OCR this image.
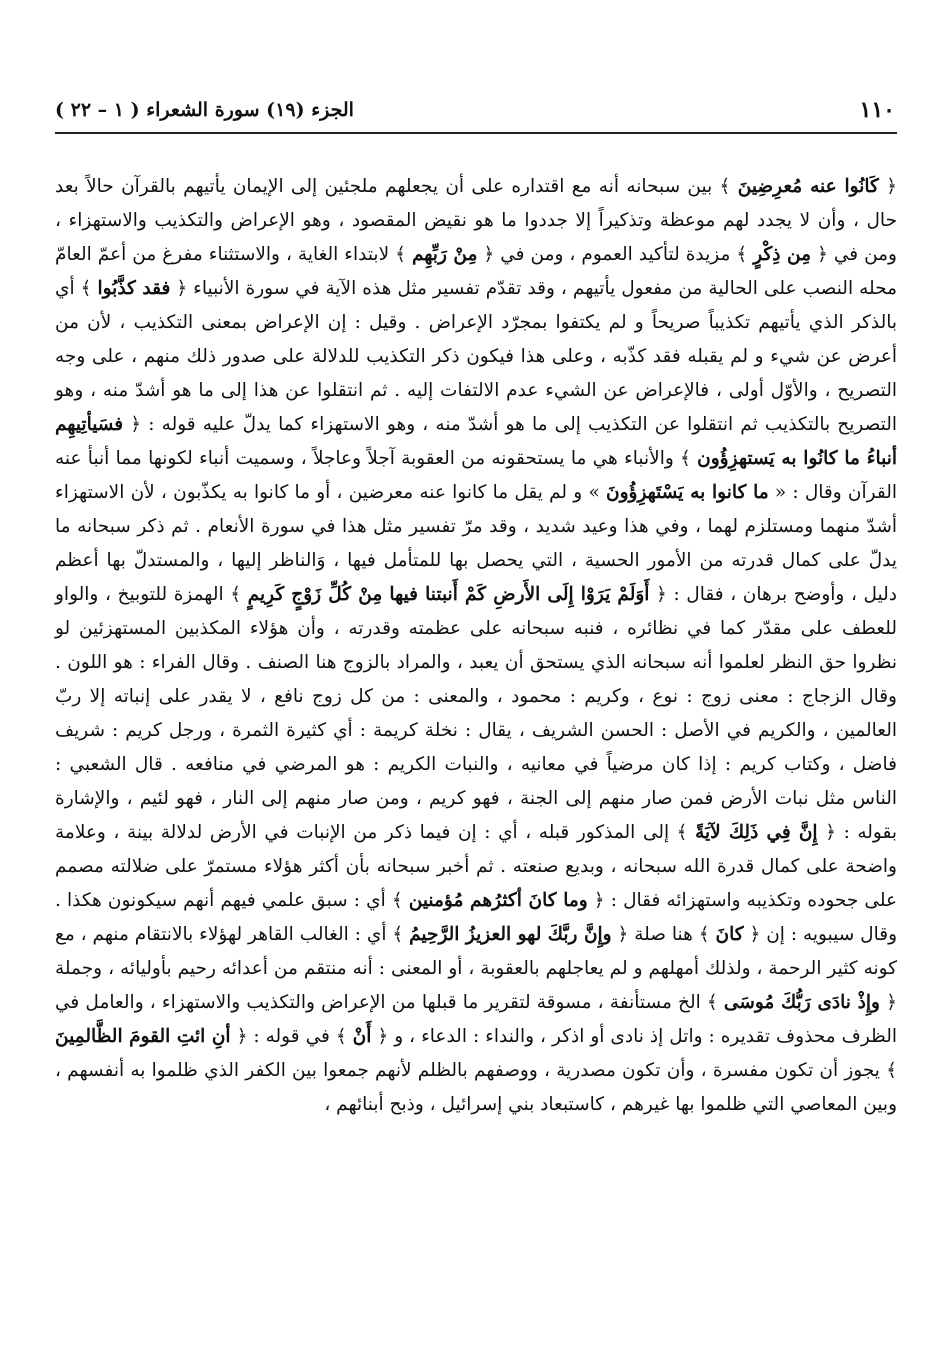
١١٠
الجزء (١٩) سورة الشعراء ( ١ – ٢٢ )

﴿ كَانُوا عنه مُعرِضِينَ ﴾ بين سبحانه أنه مع اقتداره على أن يجعلهم ملجئين إلى الإيمان يأتيهم بالقرآن حالاً بعد حال ، وأن لا يجدد لهم موعظة وتذكيراً إلا جددوا ما هو نقيض المقصود ، وهو الإعراض والتكذيب والاستهزاء ، ومن في ﴿ مِن ذِكْرٍ ﴾ مزيدة لتأكيد العموم ، ومن في ﴿ مِنْ رَبِّهِم ﴾ لابتداء الغاية ، والاستثناء مفرغ من أعمّ العامّ محله النصب على الحالية من مفعول يأتيهم ، وقد تقدّم تفسير مثل هذه الآية في سورة الأنبياء ﴿ فقد كذَّبُوا ﴾ أي بالذكر الذي يأتيهم تكذيباً صريحاً و لم يكتفوا بمجرّد الإعراض . وقيل : إن الإعراض بمعنى التكذيب ، لأن من أعرض عن شيء و لم يقبله فقد كذّبه ، وعلى هذا فيكون ذكر التكذيب للدلالة على صدور ذلك منهم ، على وجه التصريح ، والأوّل أولى ، فالإعراض عن الشيء عدم الالتفات إليه . ثم انتقلوا عن هذا إلى ما هو أشدّ منه ، وهو التصريح بالتكذيب ثم انتقلوا عن التكذيب إلى ما هو أشدّ منه ، وهو الاستهزاء كما يدلّ عليه قوله : ﴿ فسَيأتِيهِم أنباءُ ما كانُوا به يَستهزِؤُون ﴾ والأنباء هي ما يستحقونه من العقوبة آجلاً وعاجلاً ، وسميت أنباء لكونها مما أنبأ عنه القرآن وقال : « ما كانوا به يَسْتَهزِؤُونَ » و لم يقل ما كانوا عنه معرضين ، أو ما كانوا به يكذّبون ، لأن الاستهزاء أشدّ منهما ومستلزم لهما ، وفي هذا وعيد شديد ، وقد مرّ تفسير مثل هذا في سورة الأنعام . ثم ذكر سبحانه ما يدلّ على كمال قدرته من الأمور الحسية ، التي يحصل بها للمتأمل فيها ، وَالناظر إليها ، والمستدلّ بها أعظم دليل ، وأوضح برهان ، فقال : ﴿ أَوَلَمْ يَرَوْا إِلَى الأَرضِ كَمْ أَنبتنا فيها مِنْ كُلِّ زَوْجٍ كَرِيمٍ ﴾ الهمزة للتوبيخ ، والواو للعطف على مقدّر كما في نظائره ، فنبه سبحانه على عظمته وقدرته ، وأن هؤلاء المكذبين المستهزئين لو نظروا حق النظر لعلموا أنه سبحانه الذي يستحق أن يعبد ، والمراد بالزوج هنا الصنف . وقال الفراء : هو اللون . وقال الزجاج : معنى زوج : نوع ، وكريم : محمود ، والمعنى : من كل زوج نافع ، لا يقدر على إنباته إلا ربّ العالمين ، والكريم في الأصل : الحسن الشريف ، يقال : نخلة كريمة : أي كثيرة الثمرة ، ورجل كريم : شريف فاضل ، وكتاب كريم : إذا كان مرضياً في معانيه ، والنبات الكريم : هو المرضي في منافعه . قال الشعبي : الناس مثل نبات الأرض فمن صار منهم إلى الجنة ، فهو كريم ، ومن صار منهم إلى النار ، فهو لئيم ، والإشارة بقوله : ﴿ إِنَّ فِي ذَلِكَ لآيَةً ﴾ إلى المذكور قبله ، أي : إن فيما ذكر من الإنبات في الأرض لدلالة بينة ، وعلامة واضحة على كمال قدرة الله سبحانه ، وبديع صنعته . ثم أخبر سبحانه بأن أكثر هؤلاء مستمرّ على ضلالته مصمم على جحوده وتكذيبه واستهزائه فقال : ﴿ وما كانَ أكثرُهم مُؤمنين ﴾ أي : سبق علمي فيهم أنهم سيكونون هكذا . وقال سيبويه : إن ﴿ كانَ ﴾ هنا صلة ﴿ وإِنَّ ربَّكَ لهو العزيزُ الرَّحِيمُ ﴾ أي : الغالب القاهر لهؤلاء بالانتقام منهم ، مع كونه كثير الرحمة ، ولذلك أمهلهم و لم يعاجلهم بالعقوبة ، أو المعنى : أنه منتقم من أعدائه رحيم بأوليائه ، وجملة ﴿ وإِذْ نادَى رَبُّكَ مُوسَى ﴾ الخ مستأنفة ، مسوقة لتقرير ما قبلها من الإعراض والتكذيب والاستهزاء ، والعامل في الظرف محذوف تقديره : واتل إذ نادى أو اذكر ، والنداء : الدعاء ، و ﴿ أَنْ ﴾ في قوله : ﴿ أنِ ائتِ القومَ الظَّالمِينَ ﴾ يجوز أن تكون مفسرة ، وأن تكون مصدرية ، ووصفهم بالظلم لأنهم جمعوا بين الكفر الذي ظلموا به أنفسهم ، وبين المعاصي التي ظلموا بها غيرهم ، كاستبعاد بني إسرائيل ، وذبح أبنائهم ،
